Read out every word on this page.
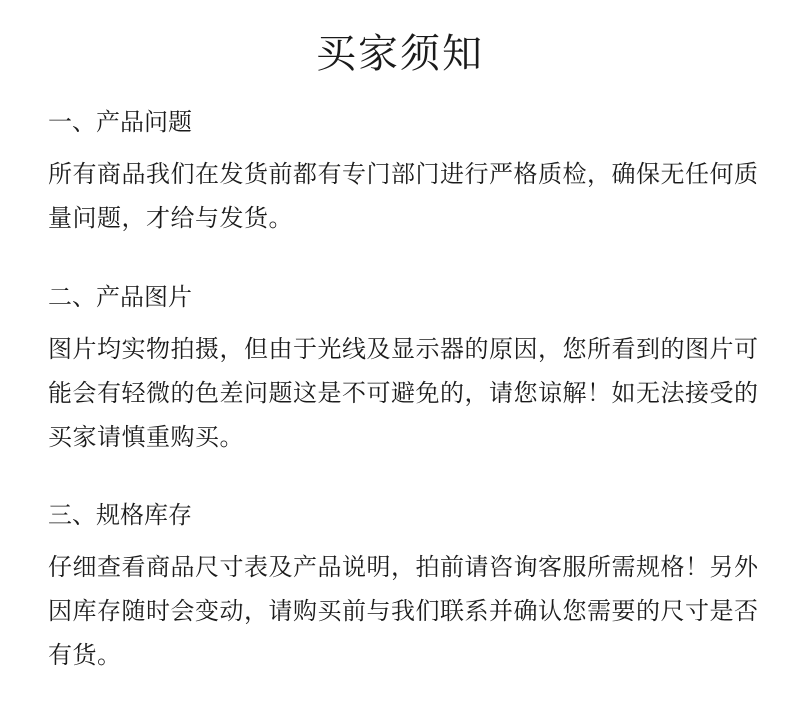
买家须知
一、产品问题

所有商品我们在发货前都有专门部门进行严格质检，确保无任何质量问题，才给与发货。

二、产品图片

图片均实物拍摄，但由于光线及显示器的原因，您所看到的图片可能会有轻微的色差问题这是不可避免的，请您谅解！如无法接受的买家请慎重购买。

三、规格库存

仔细查看商品尺寸表及产品说明，拍前请咨询客服所需规格！另外因库存随时会变动，请购买前与我们联系并确认您需要的尺寸是否有货。
